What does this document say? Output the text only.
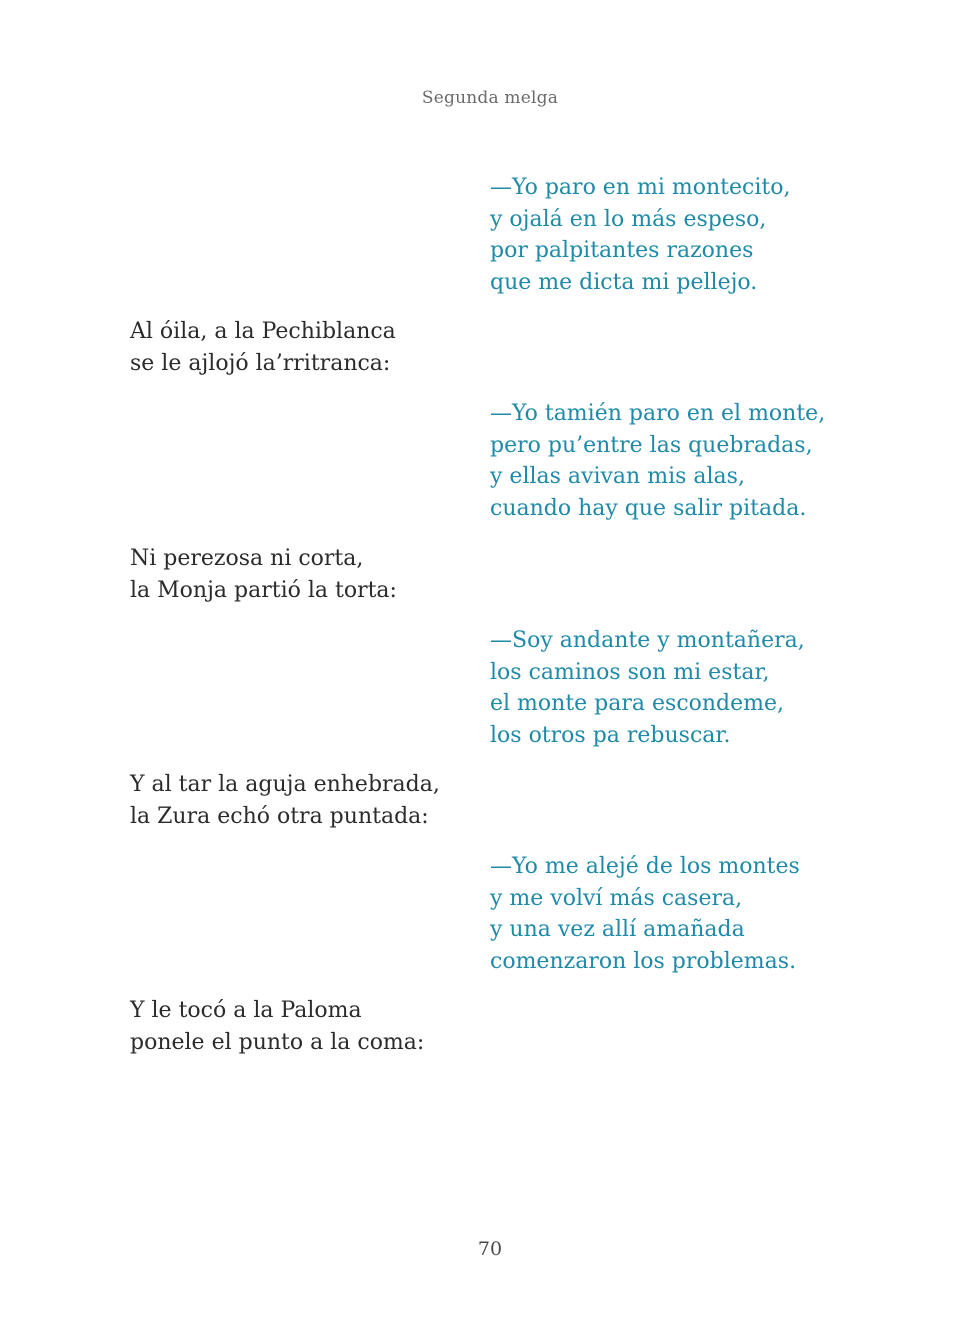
Segunda melga
—Yo paro en mi montecito,
y ojalá en lo más espeso,
por palpitantes razones
que me dicta mi pellejo.
Al óila, a la Pechiblanca
se le ajlojó la’rritranca:
—Yo tamién paro en el monte,
pero pu’entre las quebradas,
y ellas avivan mis alas,
cuando hay que salir pitada.
Ni perezosa ni corta,
la Monja partió la torta:
—Soy andante y montañera,
los caminos son mi estar,
el monte para escondeme,
los otros pa rebuscar.
Y al tar la aguja enhebrada,
la Zura echó otra puntada:
—Yo me alejé de los montes
y me volví más casera,
y una vez allí amañada
comenzaron los problemas.
Y le tocó a la Paloma
ponele el punto a la coma:
70
